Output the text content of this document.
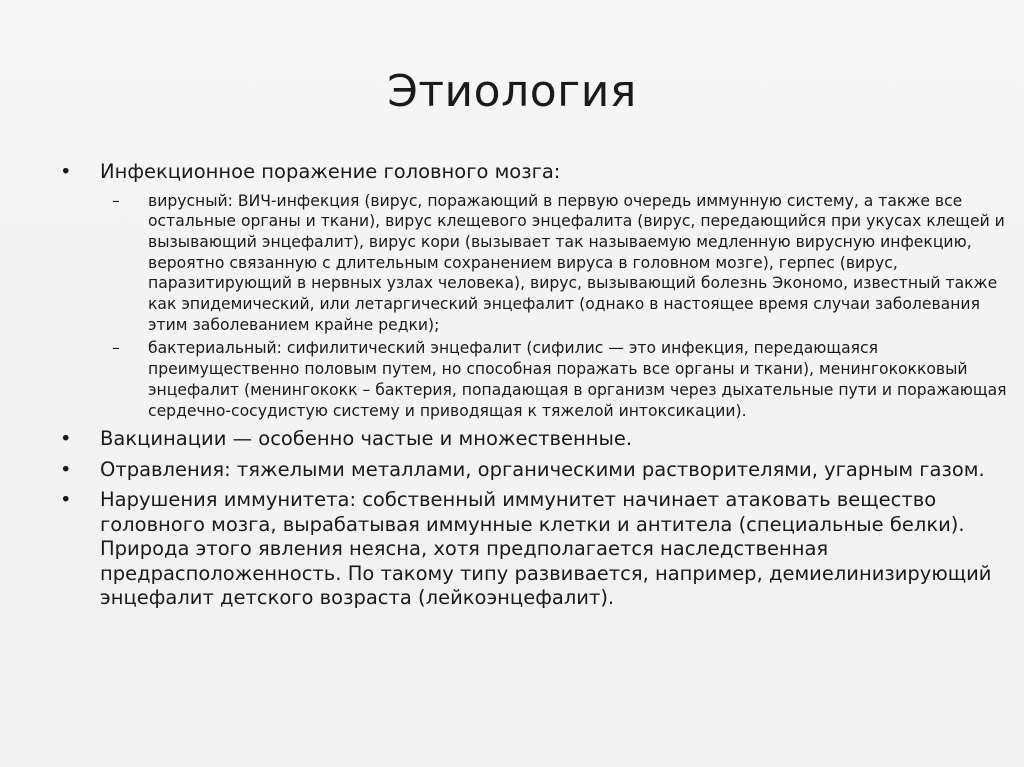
Этиология
•	Инфекционное поражение головного мозга:
– вирусный: ВИЧ-инфекция (вирус, поражающий в первую очередь иммунную систему, а также все остальные органы и ткани), вирус клещевого энцефалита (вирус, передающийся при укусах клещей и вызывающий энцефалит), вирус кори (вызывает так называемую медленную вирусную инфекцию, вероятно связанную с длительным сохранением вируса в головном мозге), герпес (вирус, паразитирующий в нервных узлах человека), вирус, вызывающий болезнь Экономо, известный также как эпидемический, или летаргический энцефалит (однако в настоящее время случаи заболевания этим заболеванием крайне редки);
– бактериальный: сифилитический энцефалит (сифилис — это инфекция, передающаяся преимущественно половым путем, но способная поражать все органы и ткани), менингококковый энцефалит (менингококк – бактерия, попадающая в организм через дыхательные пути и поражающая сердечно-сосудистую систему и приводящая к тяжелой интоксикации).
•	Вакцинации — особенно частые и множественные.
•	Отравления: тяжелыми металлами, органическими растворителями, угарным газом.
•	Нарушения иммунитета: собственный иммунитет начинает атаковать вещество головного мозга, вырабатывая иммунные клетки и антитела (специальные белки). Природа этого явления неясна, хотя предполагается наследственная предрасположенность. По такому типу развивается, например, демиелинизирующий энцефалит детского возраста (лейкоэнцефалит).
